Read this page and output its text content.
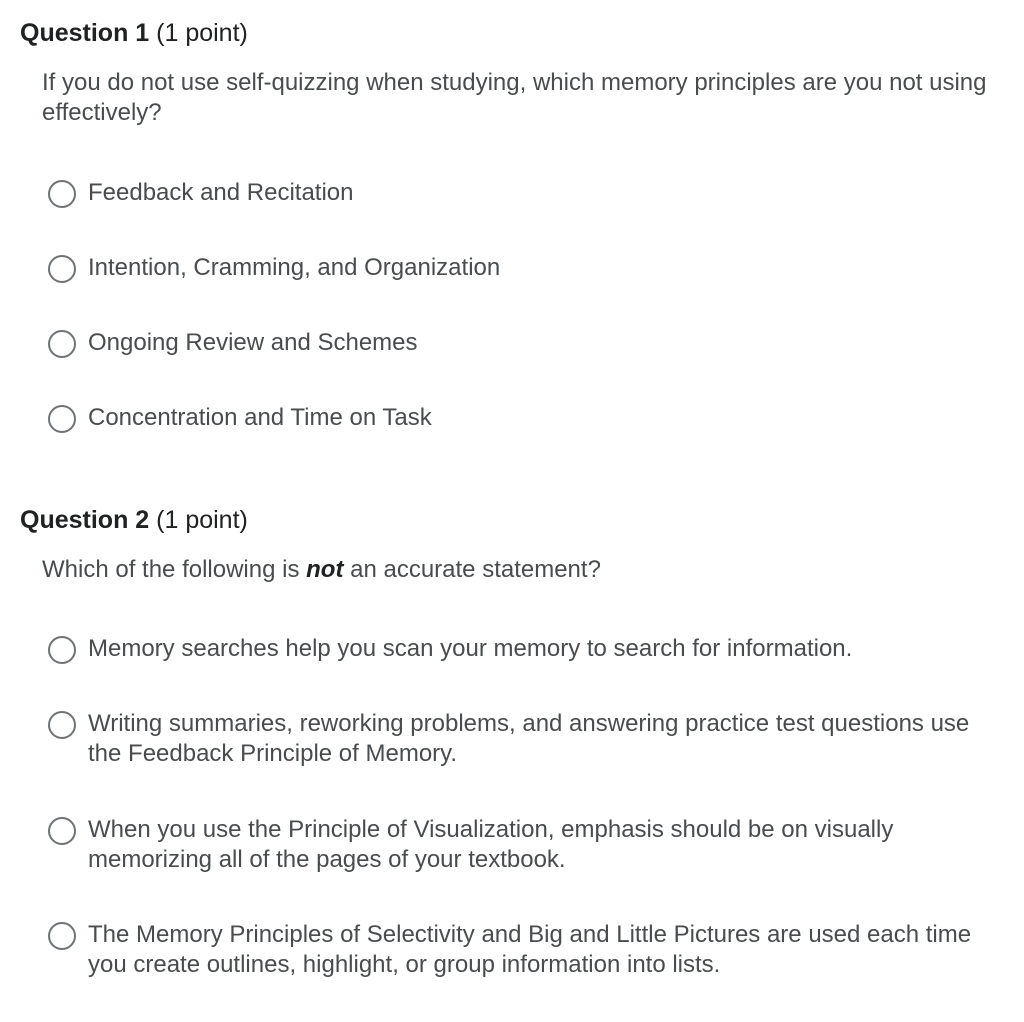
Question 1 (1 point)
If you do not use self-quizzing when studying, which memory principles are you not using effectively?
Feedback and Recitation
Intention, Cramming, and Organization
Ongoing Review and Schemes
Concentration and Time on Task
Question 2 (1 point)
Which of the following is not an accurate statement?
Memory searches help you scan your memory to search for information.
Writing summaries, reworking problems, and answering practice test questions use the Feedback Principle of Memory.
When you use the Principle of Visualization, emphasis should be on visually memorizing all of the pages of your textbook.
The Memory Principles of Selectivity and Big and Little Pictures are used each time you create outlines, highlight, or group information into lists.
